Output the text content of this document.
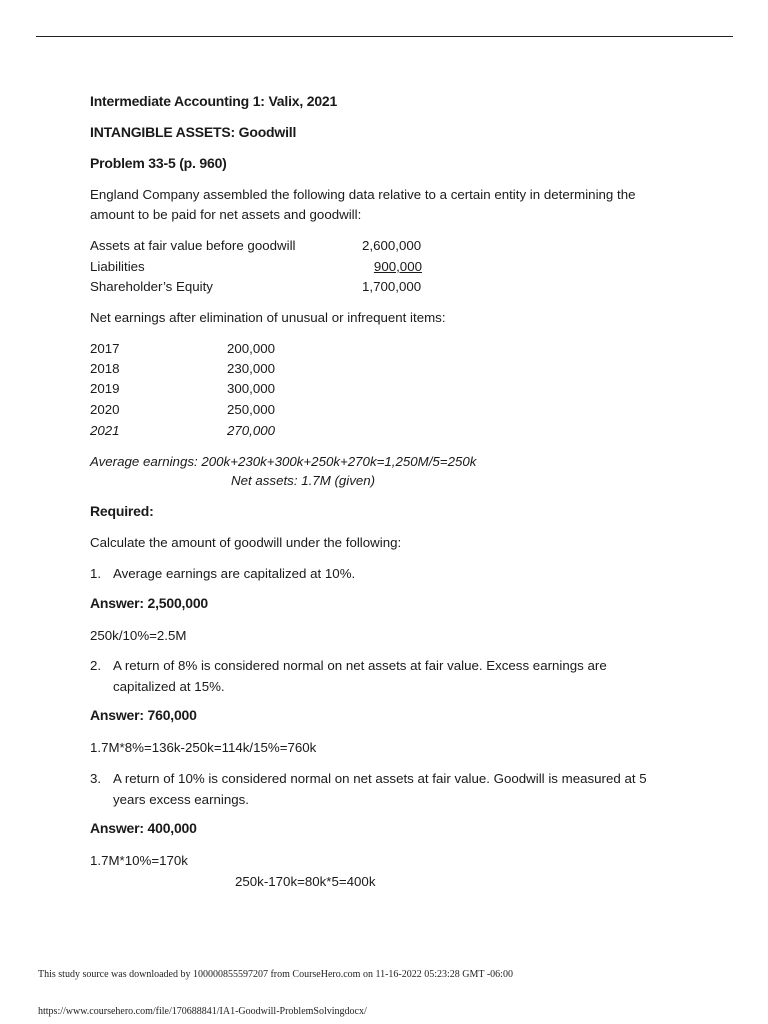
Intermediate Accounting 1: Valix, 2021
INTANGIBLE ASSETS: Goodwill
Problem 33-5 (p. 960)
England Company assembled the following data relative to a certain entity in determining the
amount to be paid for net assets and goodwill:
Assets at fair value before goodwill	2,600,000
Liabilities	900,000
Shareholder’s Equity	1,700,000
Net earnings after elimination of unusual or infrequent items:
2017	200,000
2018	230,000
2019	300,000
2020	250,000
2021	270,000
Average earnings: 200k+230k+300k+250k+270k=1,250M/5=250k
Net assets: 1.7M (given)
Required:
Calculate the amount of goodwill under the following:
1. Average earnings are capitalized at 10%.
Answer: 2,500,000
250k/10%=2.5M
2. A return of 8% is considered normal on net assets at fair value. Excess earnings are
capitalized at 15%.
Answer: 760,000
1.7M*8%=136k-250k=114k/15%=760k
3. A return of 10% is considered normal on net assets at fair value. Goodwill is measured at 5
years excess earnings.
Answer: 400,000
1.7M*10%=170k
250k-170k=80k*5=400k
This study source was downloaded by 100000855597207 from CourseHero.com on 11-16-2022 05:23:28 GMT -06:00
https://www.coursehero.com/file/170688841/IA1-Goodwill-ProblemSolvingdocx/
